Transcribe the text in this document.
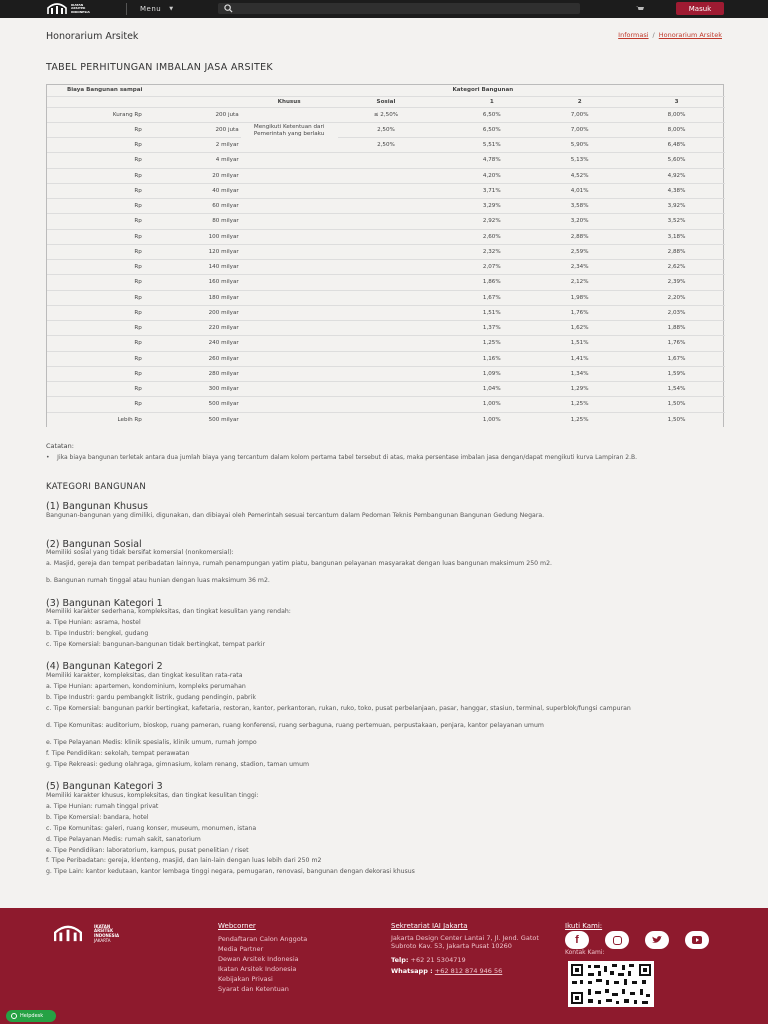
IKATAN
ARSITEK
INDONESIA	Menu ▼	Masuk
Honorarium Arsitek	Informasi / Honorarium Arsitek
TABEL PERHITUNGAN IMBALAN JASA ARSITEK
Biaya Bangunan sampai		Kategori Bangunan				
		Khusus	Sosial	1	2	3
Kurang Rp	200 juta		≤ 2,50%	6,50%	7,00%	8,00%
Rp	200 juta	Mengikuti Ketentuan dari Pemerintah yang berlaku	2,50%	6,50%	7,00%	8,00%
Rp	2 milyar		2,50%	5,51%	5,90%	6,48%
Rp	4 milyar			4,78%	5,13%	5,60%
Rp	20 milyar			4,20%	4,52%	4,92%
Rp	40 milyar			3,71%	4,01%	4,38%
Rp	60 milyar			3,29%	3,58%	3,92%
Rp	80 milyar			2,92%	3,20%	3,52%
Rp	100 milyar			2,60%	2,88%	3,18%
Rp	120 milyar			2,32%	2,59%	2,88%
Rp	140 milyar			2,07%	2,34%	2,62%
Rp	160 milyar			1,86%	2,12%	2,39%
Rp	180 milyar			1,67%	1,98%	2,20%
Rp	200 milyar			1,51%	1,76%	2,03%
Rp	220 milyar			1,37%	1,62%	1,88%
Rp	240 milyar			1,25%	1,51%	1,76%
Rp	260 milyar			1,16%	1,41%	1,67%
Rp	280 milyar			1,09%	1,34%	1,59%
Rp	300 milyar			1,04%	1,29%	1,54%
Rp	500 milyar			1,00%	1,25%	1,50%
Lebih Rp	500 milyar			1,00%	1,25%	1,50%
Catatan:
•    Jika biaya bangunan terletak antara dua jumlah biaya yang tercantum dalam kolom pertama tabel tersebut di atas, maka persentase imbalan jasa dengan/dapat mengikuti kurva Lampiran 2.B.
KATEGORI BANGUNAN
(1) Bangunan Khusus
Bangunan-bangunan yang dimiliki, digunakan, dan dibiayai oleh Pemerintah sesuai tercantum dalam Pedoman Teknis Pembangunan Bangunan Gedung Negara.
(2) Bangunan Sosial
Memiliki sosial yang tidak bersifat komersial (nonkomersial):
a. Masjid, gereja dan tempat peribadatan lainnya, rumah penampungan yatim piatu, bangunan pelayanan masyarakat dengan luas bangunan maksimum 250 m2.
b. Bangunan rumah tinggal atau hunian dengan luas maksimum 36 m2.
(3) Bangunan Kategori 1
Memiliki karakter sederhana, kompleksitas, dan tingkat kesulitan yang rendah:
a. Tipe Hunian: asrama, hostel
b. Tipe Industri: bengkel, gudang
c. Tipe Komersial: bangunan-bangunan tidak bertingkat, tempat parkir
(4) Bangunan Kategori 2
Memiliki karakter, kompleksitas, dan tingkat kesulitan rata-rata
a. Tipe Hunian: apartemen, kondominium, kompleks perumahan
b. Tipe Industri: gardu pembangkit listrik, gudang pendingin, pabrik
c. Tipe Komersial: bangunan parkir bertingkat, kafetaria, restoran, kantor, perkantoran, rukan, ruko, toko, pusat perbelanjaan, pasar, hanggar, stasiun, terminal, superblok/fungsi campuran
d. Tipe Komunitas: auditorium, bioskop, ruang pameran, ruang konferensi, ruang serbaguna, ruang pertemuan, perpustakaan, penjara, kantor pelayanan umum
e. Tipe Pelayanan Medis: klinik spesialis, klinik umum, rumah jompo
f. Tipe Pendidikan: sekolah, tempat perawatan
g. Tipe Rekreasi: gedung olahraga, gimnasium, kolam renang, stadion, taman umum
(5) Bangunan Kategori 3
Memiliki karakter khusus, kompleksitas, dan tingkat kesulitan tinggi:
a. Tipe Hunian: rumah tinggal privat
b. Tipe Komersial: bandara, hotel
c. Tipe Komunitas: galeri, ruang konser, museum, monumen, istana
d. Tipe Pelayanan Medis: rumah sakit, sanatorium
e. Tipe Pendidikan: laboratorium, kampus, pusat penelitian / riset
f. Tipe Peribadatan: gereja, klenteng, masjid, dan lain-lain dengan luas lebih dari 250 m2
g. Tipe Lain: kantor kedutaan, kantor lembaga tinggi negara, pemugaran, renovasi, bangunan dengan dekorasi khusus
IKATAN
ARSITEK
INDONESIA
JAKARTA
Webcorner
Pendaftaran Calon Anggota
Media Partner
Dewan Arsitek Indonesia
Ikatan Arsitek Indonesia
Kebijakan Privasi
Syarat dan Ketentuan
Sekretariat IAI Jakarta
Jakarta Design Center Lantai 7, Jl. Jend. Gatot Subroto Kav. 53, Jakarta Pusat 10260
Telp: +62 21 5304719
Whatsapp : +62 812 874 946 56
Ikuti Kami:
f
Kontak Kami:
Helpdesk
